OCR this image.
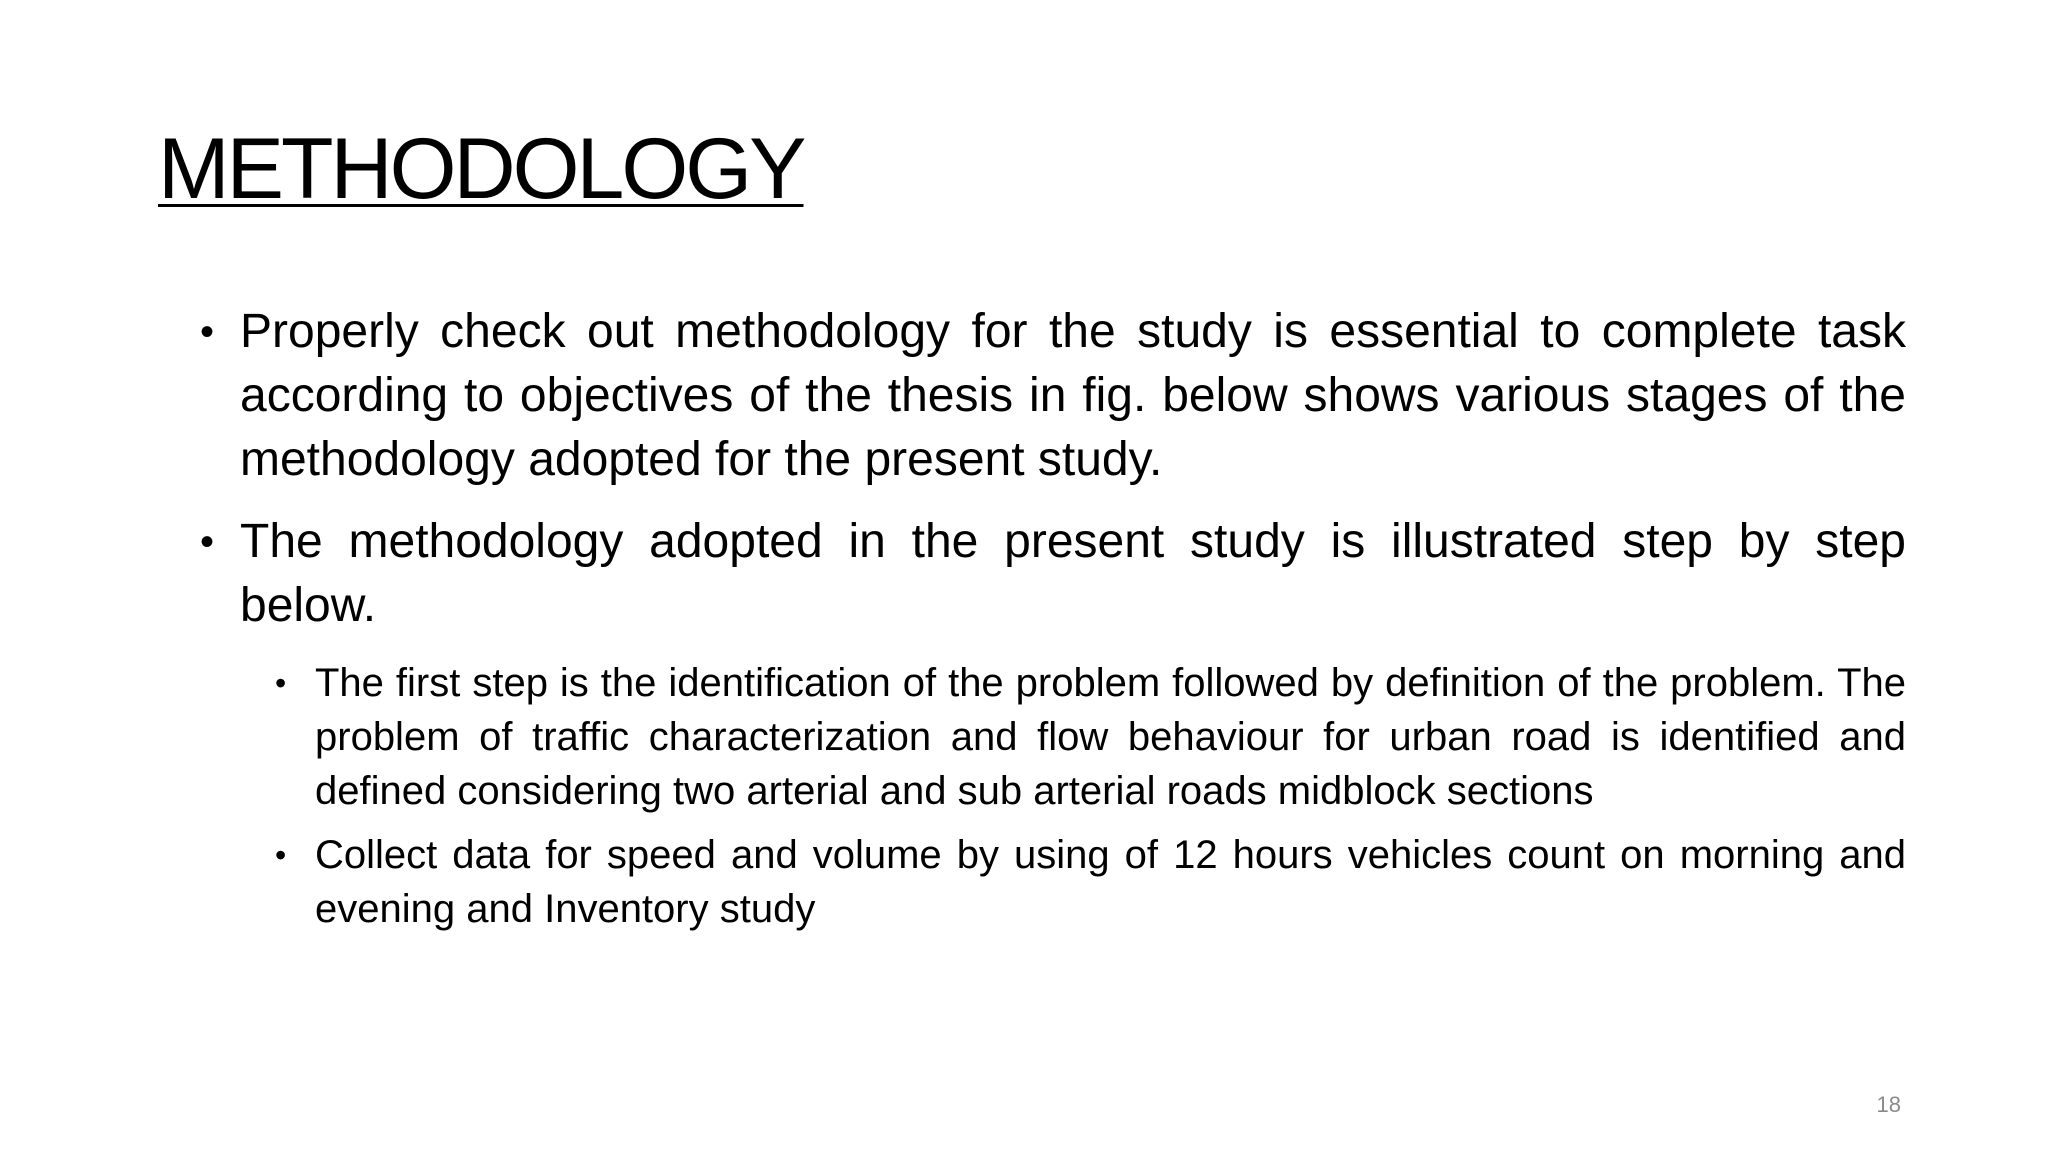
METHODOLOGY
• Properly check out methodology for the study is essential to complete task according to objectives of the thesis in fig. below shows various stages of the methodology adopted for the present study.
• The methodology adopted in the present study is illustrated step by step below.
• The first step is the identification of the problem followed by definition of the problem. The problem of traffic characterization and flow behaviour for urban road is identified and defined considering two arterial and sub arterial roads midblock sections
• Collect data for speed and volume by using of 12 hours vehicles count on morning and evening and Inventory study
18
